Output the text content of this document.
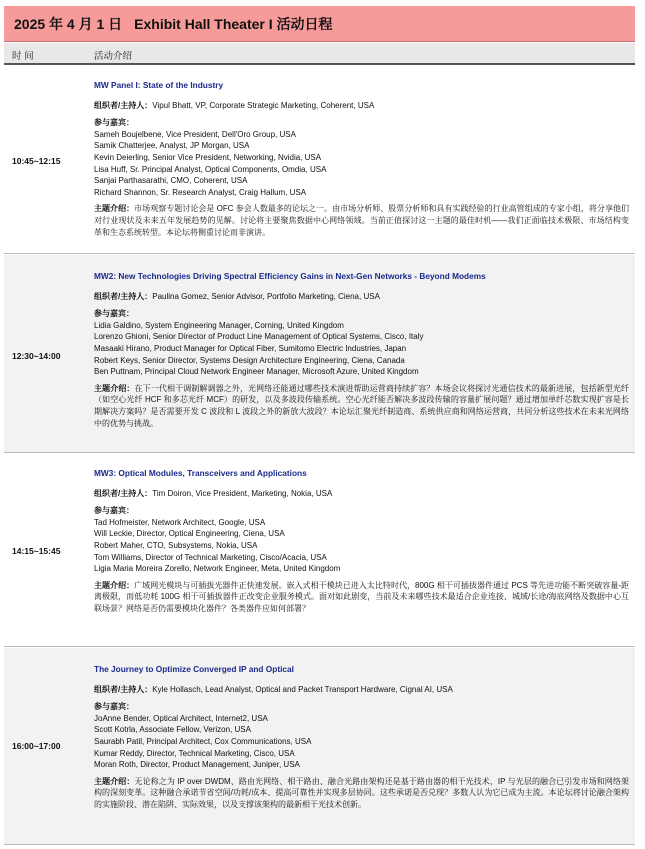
2025 年 4 月 1 日 Exhibit Hall Theater I 活动日程
时 间	活动介绍
10:45~12:15
MW Panel I: State of the Industry
组织者/主持人：Vipul Bhatt, VP, Corporate Strategic Marketing, Coherent, USA
参与嘉宾：
Sameh Boujelbene, Vice President, Dell'Oro Group, USA
Samik Chatterjee, Analyst, JP Morgan, USA
Kevin Deierling, Senior Vice President, Networking, Nvidia, USA
Lisa Huff, Sr. Principal Analyst, Optical Components, Omdia, USA
Sanjai Parthasarathi, CMO, Coherent, USA
Richard Shannon, Sr. Research Analyst, Craig Hallum, USA
主题介绍：市场观察专题讨论会是 OFC 参会人数最多的论坛之一。由市场分析师、股票分析师和具有实践经验的行业高管组成的专家小组，将分享他们对行业现状及未来五年发展趋势的见解。讨论将主要聚焦数据中心网络领域。当前正值探讨这一主题的最佳时机——我们正面临技术极限、市场结构变革和生态系统转型。本论坛将侧重讨论而非演讲。
12:30~14:00
MW2: New Technologies Driving Spectral Efficiency Gains in Next-Gen Networks - Beyond Modems
组织者/主持人：Paulina Gomez, Senior Advisor, Portfolio Marketing, Ciena, USA
参与嘉宾：
Lidia Galdino, System Engineering Manager, Corning, United Kingdom
Lorenzo Ghioni, Senior Director of Product Line Management of Optical Systems, Cisco, Italy
Masaaki Hirano, Product Manager for Optical Fiber, Sumitomo Electric Industries, Japan
Robert Keys, Senior Director, Systems Design Architecture Engineering, Ciena, Canada
Ben Puttnam, Principal Cloud Network Engineer Manager, Microsoft Azure, United Kingdom
主题介绍：在下一代相干调制解调器之外，光网络还能通过哪些技术演进帮助运营商持续扩容？本场会议将探讨光通信技术的最新进展，包括新型光纤（如空心光纤 HCF 和多芯光纤 MCF）的研发，以及多波段传输系统。空心光纤能否解决多波段传输的容量扩展问题？通过增加单纤芯数实现扩容是长期解决方案吗？是否需要开发 C 波段和 L 波段之外的新放大波段？本论坛汇聚光纤制造商、系统供应商和网络运营商，共同分析这些技术在未来光网络中的优势与挑战。
14:15~15:45
MW3: Optical Modules, Transceivers and Applications
组织者/主持人：Tim Doiron, Vice President, Marketing, Nokia, USA
参与嘉宾：
Tad Hofmeister, Network Architect, Google, USA
Will Leckie, Director, Optical Engineering, Ciena, USA
Robert Maher, CTO, Subsystems, Nokia, USA
Tom Williams, Director of Technical Marketing, Cisco/Acacia, USA
Ligia Maria Moreira Zorello, Network Engineer, Meta, United Kingdom
主题介绍：广域网光模块与可插拔光器件正快速发展。嵌入式相干模块已进入太比特时代，800G 相干可插拔器件通过 PCS 等先进功能不断突破容量-距离极限，而低功耗 100G 相干可插拔器件正改变企业服务模式。面对如此剧变，当前及未来哪些技术最适合企业连接、城域/长途/海底网络及数据中心互联场景？网络是否仍需要模块化器件？各类器件应如何部署？
16:00~17:00
The Journey to Optimize Converged IP and Optical
组织者/主持人：Kyle Hollasch, Lead Analyst, Optical and Packet Transport Hardware, Cignal AI, USA
参与嘉宾：
JoAnne Bender, Optical Architect, Internet2, USA
Scott Kotrla, Associate Fellow, Verizon, USA
Saurabh Patil, Principal Architect, Cox Communications, USA
Kumar Reddy, Director, Technical Marketing, Cisco, USA
Moran Roth, Director, Product Management, Juniper, USA
主题介绍：无论称之为 IP over DWDM、路由光网络、相干路由、融合光路由架构还是基于路由器的相干光技术，IP 与光层的融合已引发市场和网络架构的深刻变革。这种融合承诺节省空间/功耗/成本、提高可靠性并实现多层协同。这些承诺是否兑现？多数人认为它已成为主流。本论坛将讨论融合架构的实施阶段、潜在陷阱、实际效果，以及支撑该架构的最新相干光技术创新。
